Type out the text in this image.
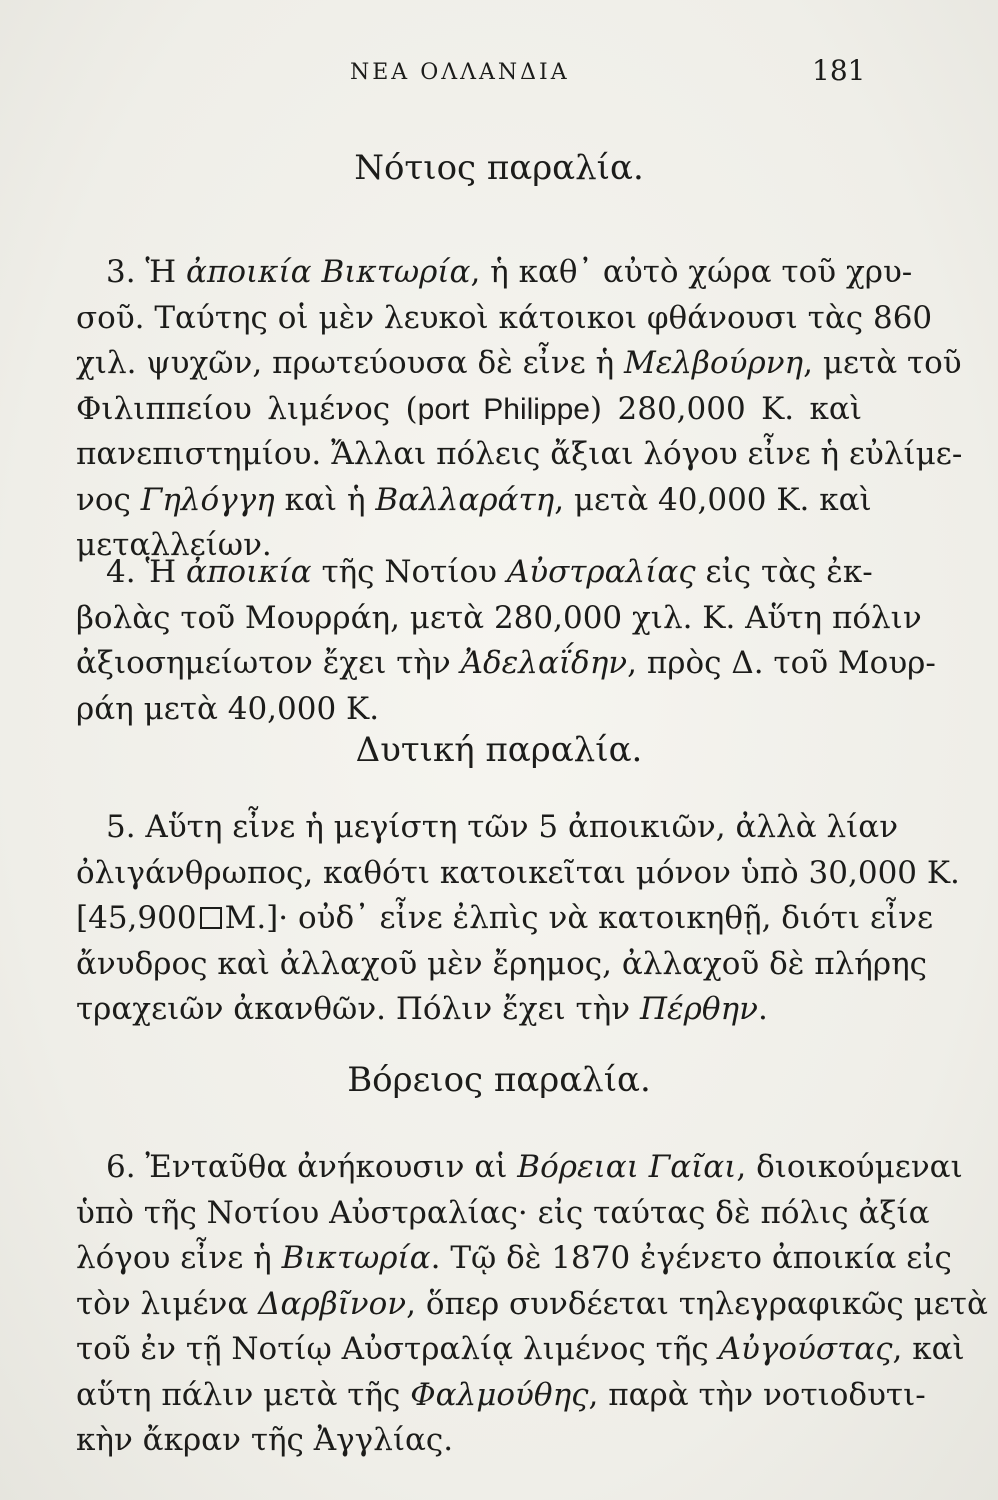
ΝΕΑ ΟΛΛΑΝΔΙΑ	181
Νότιος παραλία.
3. Ἡ ἀποικία Βικτωρία, ἡ καθ᾽ αὐτὸ χώρα τοῦ χρυ-
σοῦ. Ταύτης οἱ μὲν λευκοὶ κάτοικοι φθάνουσι τὰς 860
χιλ. ψυχῶν, πρωτεύουσα δὲ εἶνε ἡ Μελβούρνη, μετὰ τοῦ
Φιλιππείου λιμένος (port Philippe) 280,000 Κ. καὶ
πανεπιστημίου. Ἄλλαι πόλεις ἄξιαι λόγου εἶνε ἡ εὐλίμε-
νος Γηλόγγη καὶ ἡ Βαλλαράτη, μετὰ 40,000 Κ. καὶ
μεταλλείων.
4. Ἡ ἀποικία τῆς Νοτίου Αὐστραλίας εἰς τὰς ἐκ-
βολὰς τοῦ Μουρράη, μετὰ 280,000 χιλ. Κ. Αὕτη πόλιν
ἀξιοσημείωτον ἔχει τὴν Ἀδελαΐδην, πρὸς Δ. τοῦ Μουρ-
ράη μετὰ 40,000 Κ.
Δυτική παραλία.
5. Αὕτη εἶνε ἡ μεγίστη τῶν 5 ἀποικιῶν, ἀλλὰ λίαν
ὀλιγάνθρωπος, καθότι κατοικεῖται μόνον ὑπὸ 30,000 Κ.
[45,900 Μ.]· οὐδ᾽ εἶνε ἐλπὶς νὰ κατοικηθῇ, διότι εἶνε
ἄνυδρος καὶ ἀλλαχοῦ μὲν ἔρημος, ἀλλαχοῦ δὲ πλήρης
τραχειῶν ἀκανθῶν. Πόλιν ἔχει τὴν Πέρθην.
Βόρειος παραλία.
6. Ἐνταῦθα ἀνήκουσιν αἱ Βόρειαι Γαῖαι, διοικούμεναι
ὑπὸ τῆς Νοτίου Αὐστραλίας· εἰς ταύτας δὲ πόλις ἀξία
λόγου εἶνε ἡ Βικτωρία. Τῷ δὲ 1870 ἐγένετο ἀποικία εἰς
τὸν λιμένα Δαρβῖνον, ὅπερ συνδέεται τηλεγραφικῶς μετὰ
τοῦ ἐν τῇ Νοτίῳ Αὐστραλίᾳ λιμένος τῆς Αὐγούστας, καὶ
αὕτη πάλιν μετὰ τῆς Φαλμούθης, παρὰ τὴν νοτιοδυτι-
κὴν ἄκραν τῆς Ἀγγλίας.
